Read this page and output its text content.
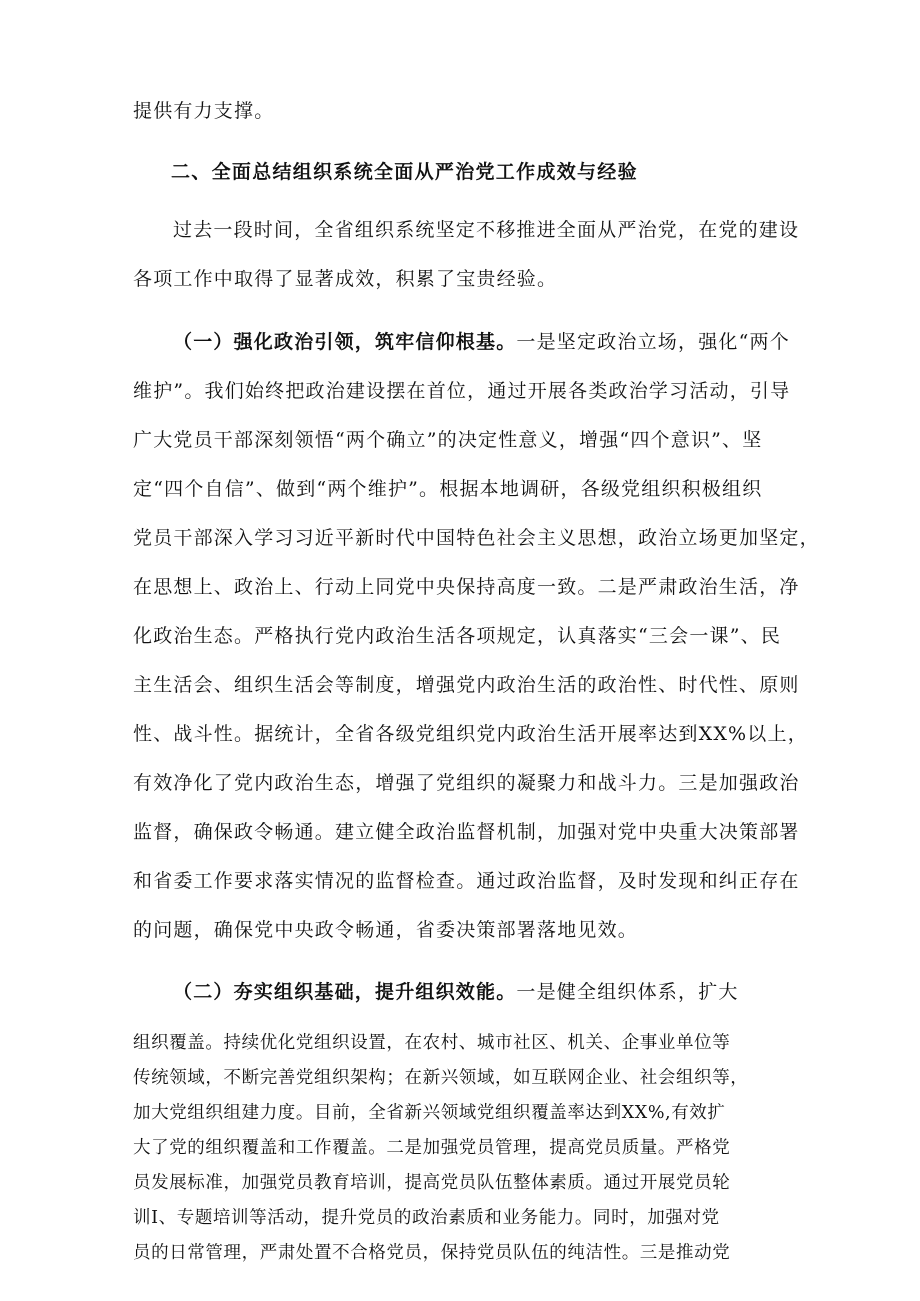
提供有力支撑。
二、全面总结组织系统全面从严治党工作成效与经验
过去一段时间，全省组织系统坚定不移推进全面从严治党，在党的建设
各项工作中取得了显著成效，积累了宝贵经验。
（一）强化政治引领，筑牢信仰根基。一是坚定政治立场，强化“两个
维护”。我们始终把政治建设摆在首位，通过开展各类政治学习活动，引导
广大党员干部深刻领悟“两个确立”的决定性意义，增强“四个意识”、坚
定“四个自信”、做到“两个维护”。根据本地调研，各级党组织积极组织
党员干部深入学习习近平新时代中国特色社会主义思想，政治立场更加坚定，
在思想上、政治上、行动上同党中央保持高度一致。二是严肃政治生活，净
化政治生态。严格执行党内政治生活各项规定，认真落实“三会一课”、民
主生活会、组织生活会等制度，增强党内政治生活的政治性、时代性、原则
性、战斗性。据统计，全省各级党组织党内政治生活开展率达到XX%以上，
有效净化了党内政治生态，增强了党组织的凝聚力和战斗力。三是加强政治
监督，确保政令畅通。建立健全政治监督机制，加强对党中央重大决策部署
和省委工作要求落实情况的监督检查。通过政治监督，及时发现和纠正存在
的问题，确保党中央政令畅通，省委决策部署落地见效。
（二）夯实组织基础，提升组织效能。一是健全组织体系，扩大
组织覆盖。持续优化党组织设置，在农村、城市社区、机关、企事业单位等
传统领域，不断完善党组织架构；在新兴领域，如互联网企业、社会组织等，
加大党组织组建力度。目前，全省新兴领域党组织覆盖率达到XX%,有效扩
大了党的组织覆盖和工作覆盖。二是加强党员管理，提高党员质量。严格党
员发展标准，加强党员教育培训，提高党员队伍整体素质。通过开展党员轮
训I、专题培训等活动，提升党员的政治素质和业务能力。同时，加强对党
员的日常管理，严肃处置不合格党员，保持党员队伍的纯洁性。三是推动党
